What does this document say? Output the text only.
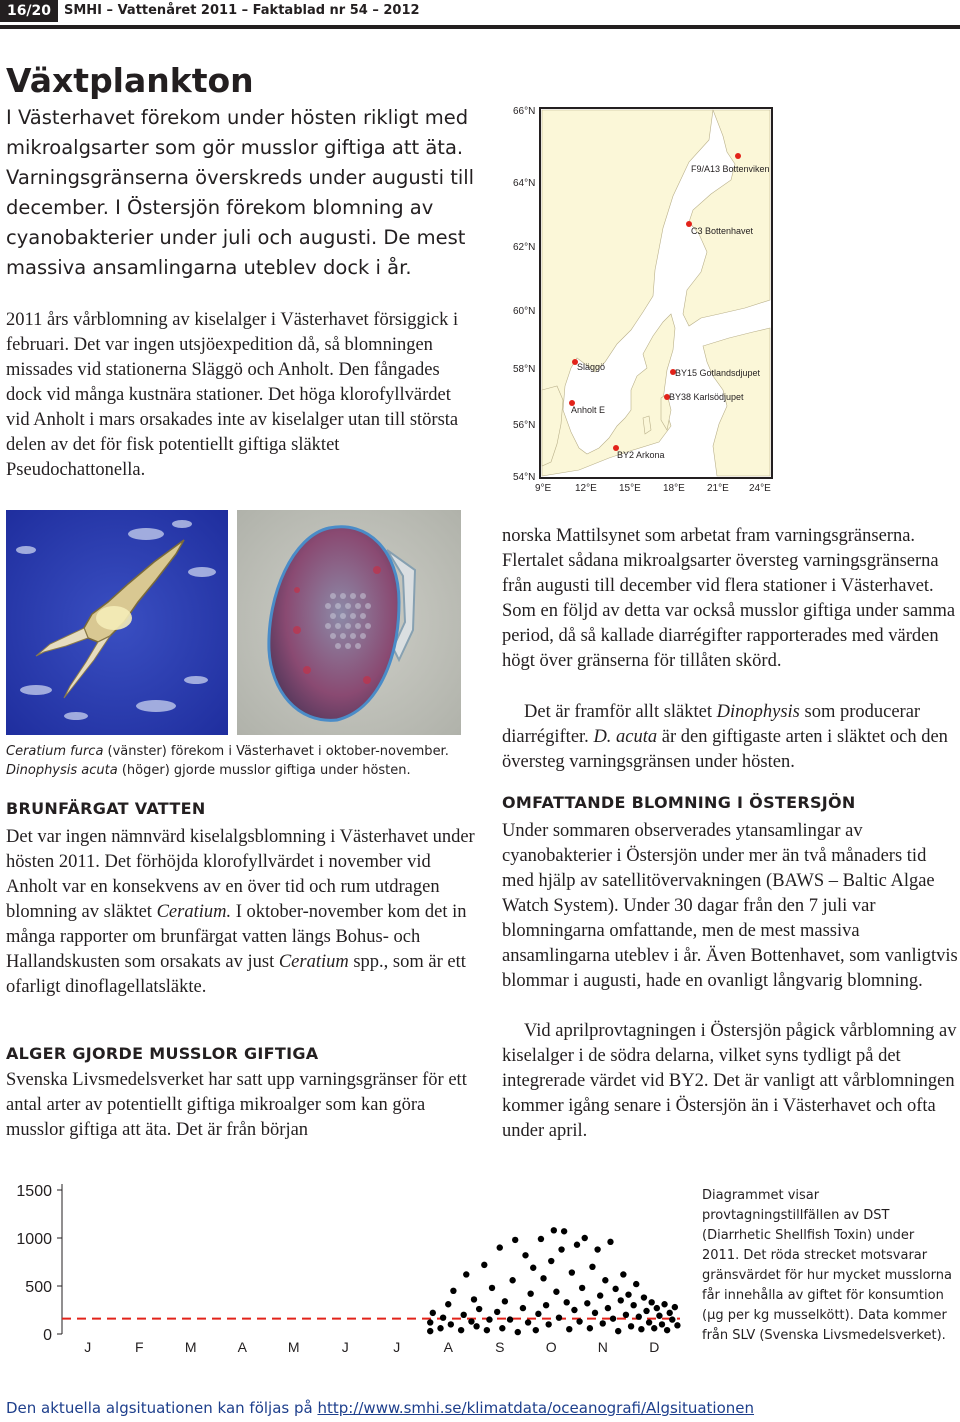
16/20 SMHI – Vattenåret 2011 – Faktablad nr 54 – 2012
Växtplankton

I Västerhavet förekom under hösten rikligt med mikroalgsarter som gör musslor giftiga att äta. Varningsgränserna överskreds under augusti till december. I Östersjön förekom blomning av cyanobakterier under juli och augusti. De mest massiva ansamlingarna uteblev dock i år.

2011 års vårblomning av kiselalger i Västerhavet försiggick i februari. Det var ingen utsjöexpedition då, så blomningen missades vid stationerna Släggö och Anholt. Den fångades dock vid många kustnära stationer. Det höga klorofyllvärdet vid Anholt i mars orsakades inte av kiselalger utan till största delen av det för fisk potentiellt giftiga släktet Pseudochattonella.

66°N
64°N
62°N
60°N
58°N
56°N
54°N
9°E 12°E 15°E 18°E 21°E 24°E
F9/A13 Bottenviken
C3 Bottenhavet
Släggö
Anholt E
BY15 Gotlandsdjupet
BY38 Karlsödjupet
BY2 Arkona

Ceratium furca (vänster) förekom i Västerhavet i oktober-november.
Dinophysis acuta (höger) gjorde musslor giftiga under hösten.

BRUNFÄRGAT VATTEN

Det var ingen nämnvärd kiselalgsblomning i Västerhavet under hösten 2011. Det förhöjda klorofyllvärdet i november vid Anholt var en konsekvens av en över tid och rum utdragen blomning av släktet Ceratium. I oktober-november kom det in många rapporter om brunfärgat vatten längs Bohus- och Hallandskusten som orsakats av just Ceratium spp., som är ett ofarligt dinoflagellatsläkte.

ALGER GJORDE MUSSLOR GIFTIGA

Svenska Livsmedelsverket har satt upp varningsgränser för ett antal arter av potentiellt giftiga mikroalger som kan göra musslor giftiga att äta. Det är från början

norska Mattilsynet som arbetat fram varningsgränserna. Flertalet sådana mikroalgsarter översteg varningsgränserna från augusti till december vid flera stationer i Västerhavet. Som en följd av detta var också musslor giftiga under samma period, då så kallade diarrégifter rapporterades med värden högt över gränserna för tillåten skörd.

Det är framför allt släktet Dinophysis som producerar diarrégifter. D. acuta är den giftigaste arten i släktet och den översteg varningsgränsen under hösten.

OMFATTANDE BLOMNING I ÖSTERSJÖN

Under sommaren observerades ytansamlingar av cyanobakterier i Östersjön under mer än två månaders tid med hjälp av satellitövervakningen (BAWS – Baltic Algae Watch System). Under 30 dagar från den 7 juli var blomningarna omfattande, men de mest massiva ansamlingarna uteblev i år. Även Bottenhavet, som vanligtvis blommar i augusti, hade en ovanligt långvarig blomning.

Vid aprilprovtagningen i Östersjön pågick vårblomning av kiselalger i de södra delarna, vilket syns tydligt på det integrerade värdet vid BY2. Det är vanligt att vårblomningen kommer igång senare i Östersjön än i Västerhavet och ofta under april.

0
500
1000
1500
J	F	M	A	M	J	J	A	S	O	N	D

Diagrammet visar provtagningstillfällen av DST (Diarrhetic Shellfish Toxin) under 2011. Det röda strecket motsvarar gränsvärdet för hur mycket musslorna får innehålla av giftet för konsumtion (µg per kg musselkött). Data kommer från SLV (Svenska Livsmedelsverket).

Den aktuella algsituationen kan följas på http://www.smhi.se/klimatdata/oceanografi/Algsituationen
